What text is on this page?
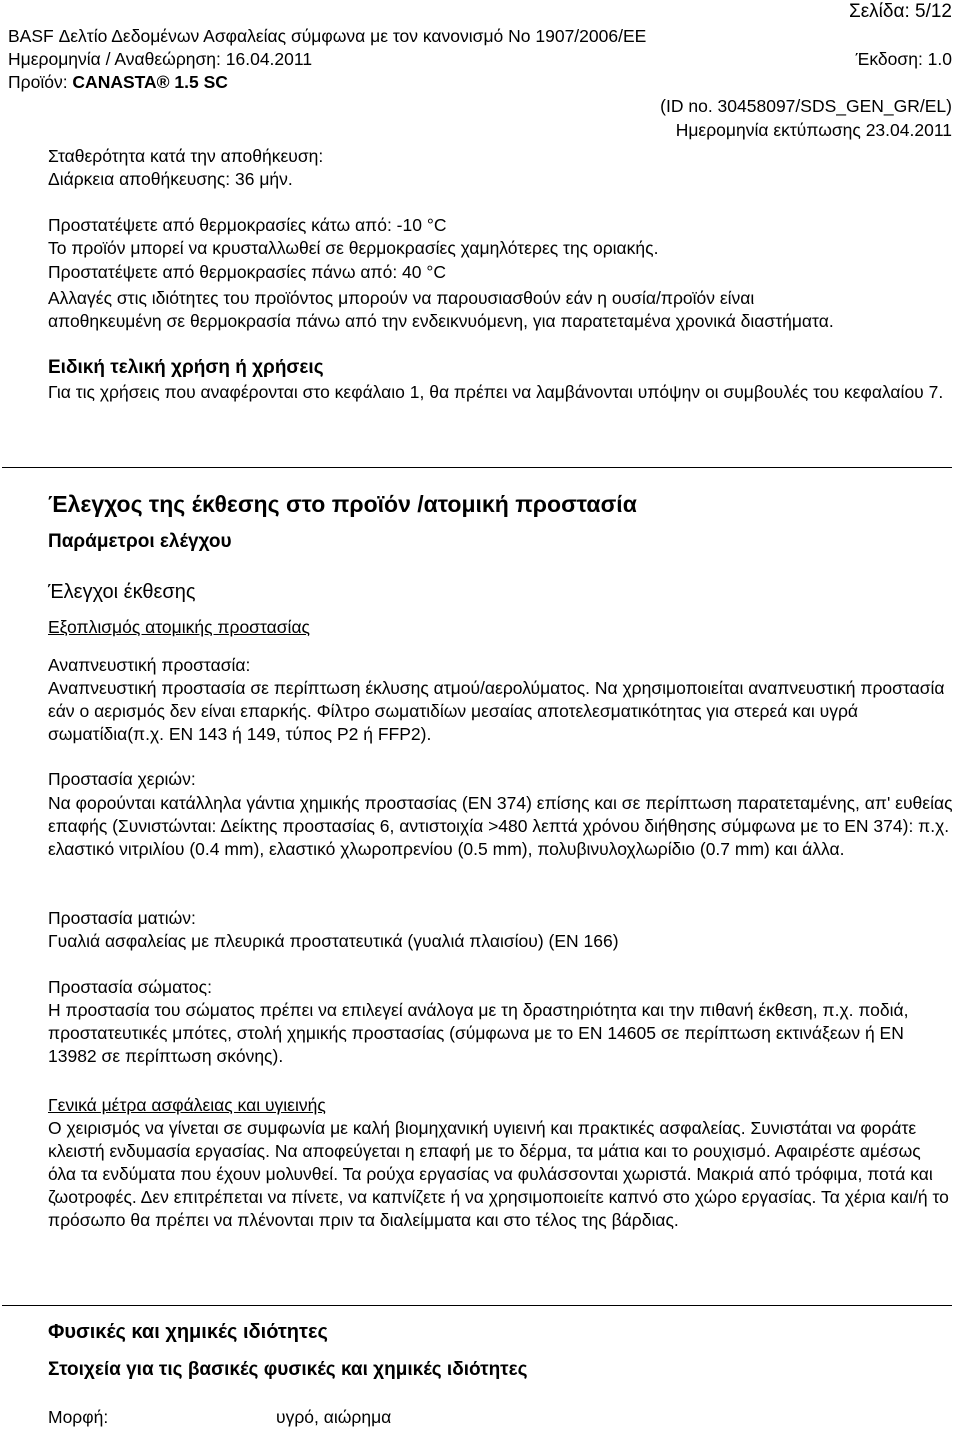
Σελίδα: 5/12
BASF Δελτίο Δεδομένων Ασφαλείας σύμφωνα με τον κανονισμό No 1907/2006/ΕΕ
Ημερομηνία / Αναθεώρηση: 16.04.2011	Έκδοση: 1.0
Προϊόν: CANASTA® 1.5 SC
(ID no. 30458097/SDS_GEN_GR/EL)
Ημερομηνία εκτύπωσης 23.04.2011
Σταθερότητα κατά την αποθήκευση:
Διάρκεια αποθήκευσης: 36 μήν.
Προστατέψετε από θερμοκρασίες κάτω από: -10 °C
Το προϊόν μπορεί να κρυσταλλωθεί σε θερμοκρασίες χαμηλότερες της οριακής.
Προστατέψετε από θερμοκρασίες πάνω από: 40 °C
Αλλαγές στις ιδιότητες του προϊόντος μπορούν να παρουσιασθούν εάν η ουσία/προϊόν είναι
αποθηκευμένη σε θερμοκρασία πάνω από την ενδεικνυόμενη, για παρατεταμένα χρονικά διαστήματα.
Ειδική τελική χρήση ή χρήσεις

Για τις χρήσεις που αναφέρονται στο κεφάλαιο 1, θα πρέπει να λαμβάνονται υπόψην οι συμβουλές του κεφαλαίου 7.

Έλεγχος της έκθεσης στο προϊόν /ατομική προστασία
Παράμετροι ελέγχου
Έλεγχοι έκθεσης
Εξοπλισμός ατομικής προστασίας
Αναπνευστική προστασία:

Αναπνευστική προστασία σε περίπτωση έκλυσης ατμού/αερολύματος. Να χρησιμοποιείται αναπνευστική προστασία εάν ο αερισμός δεν είναι επαρκής. Φίλτρο σωματιδίων μεσαίας αποτελεσματικότητας για στερεά και υγρά σωματίδια(π.χ. EN 143 ή 149, τύπος P2 ή FFP2).

Προστασία χεριών:

Να φορούνται κατάλληλα γάντια χημικής προστασίας (EN 374) επίσης και σε περίπτωση παρατεταμένης, απ' ευθείας επαφής (Συνιστώνται: Δείκτης προστασίας 6, αντιστοιχία >480 λεπτά χρόνου διήθησης σύμφωνα με το EN 374): π.χ. ελαστικό νιτριλίου (0.4 mm), ελαστικό χλωροπρενίου (0.5 mm), πολυβινυλοχλωρίδιο (0.7 mm) και άλλα.

Προστασία ματιών:
Γυαλιά ασφαλείας με πλευρικά προστατευτικά (γυαλιά πλαισίου) (EN 166)
Προστασία σώματος:

Η προστασία του σώματος πρέπει να επιλεγεί ανάλογα με τη δραστηριότητα και την πιθανή έκθεση, π.χ. ποδιά, προστατευτικές μπότες, στολή χημικής προστασίας (σύμφωνα με το EN 14605 σε περίπτωση εκτινάξεων ή EN 13982 σε περίπτωση σκόνης).

Γενικά μέτρα ασφάλειας και υγιεινής

Ο χειρισμός να γίνεται σε συμφωνία με καλή βιομηχανική υγιεινή και πρακτικές ασφαλείας. Συνιστάται να φοράτε κλειστή ενδυμασία εργασίας. Να αποφεύγεται η επαφή με το δέρμα, τα μάτια και το ρουχισμό. Αφαιρέστε αμέσως όλα τα ενδύματα που έχουν μολυνθεί. Τα ρούχα εργασίας να φυλάσσονται χωριστά. Μακριά από τρόφιμα, ποτά και ζωοτροφές. Δεν επιτρέπεται να πίνετε, να καπνίζετε ή να χρησιμοποιείτε καπνό στο χώρο εργασίας. Τα χέρια και/ή το πρόσωπο θα πρέπει να πλένονται πριν τα διαλείμματα και στο τέλος της βάρδιας.

Φυσικές και χημικές ιδιότητες
Στοιχεία για τις βασικές φυσικές και χημικές ιδιότητες
Μορφή:	υγρό, αιώρημα
